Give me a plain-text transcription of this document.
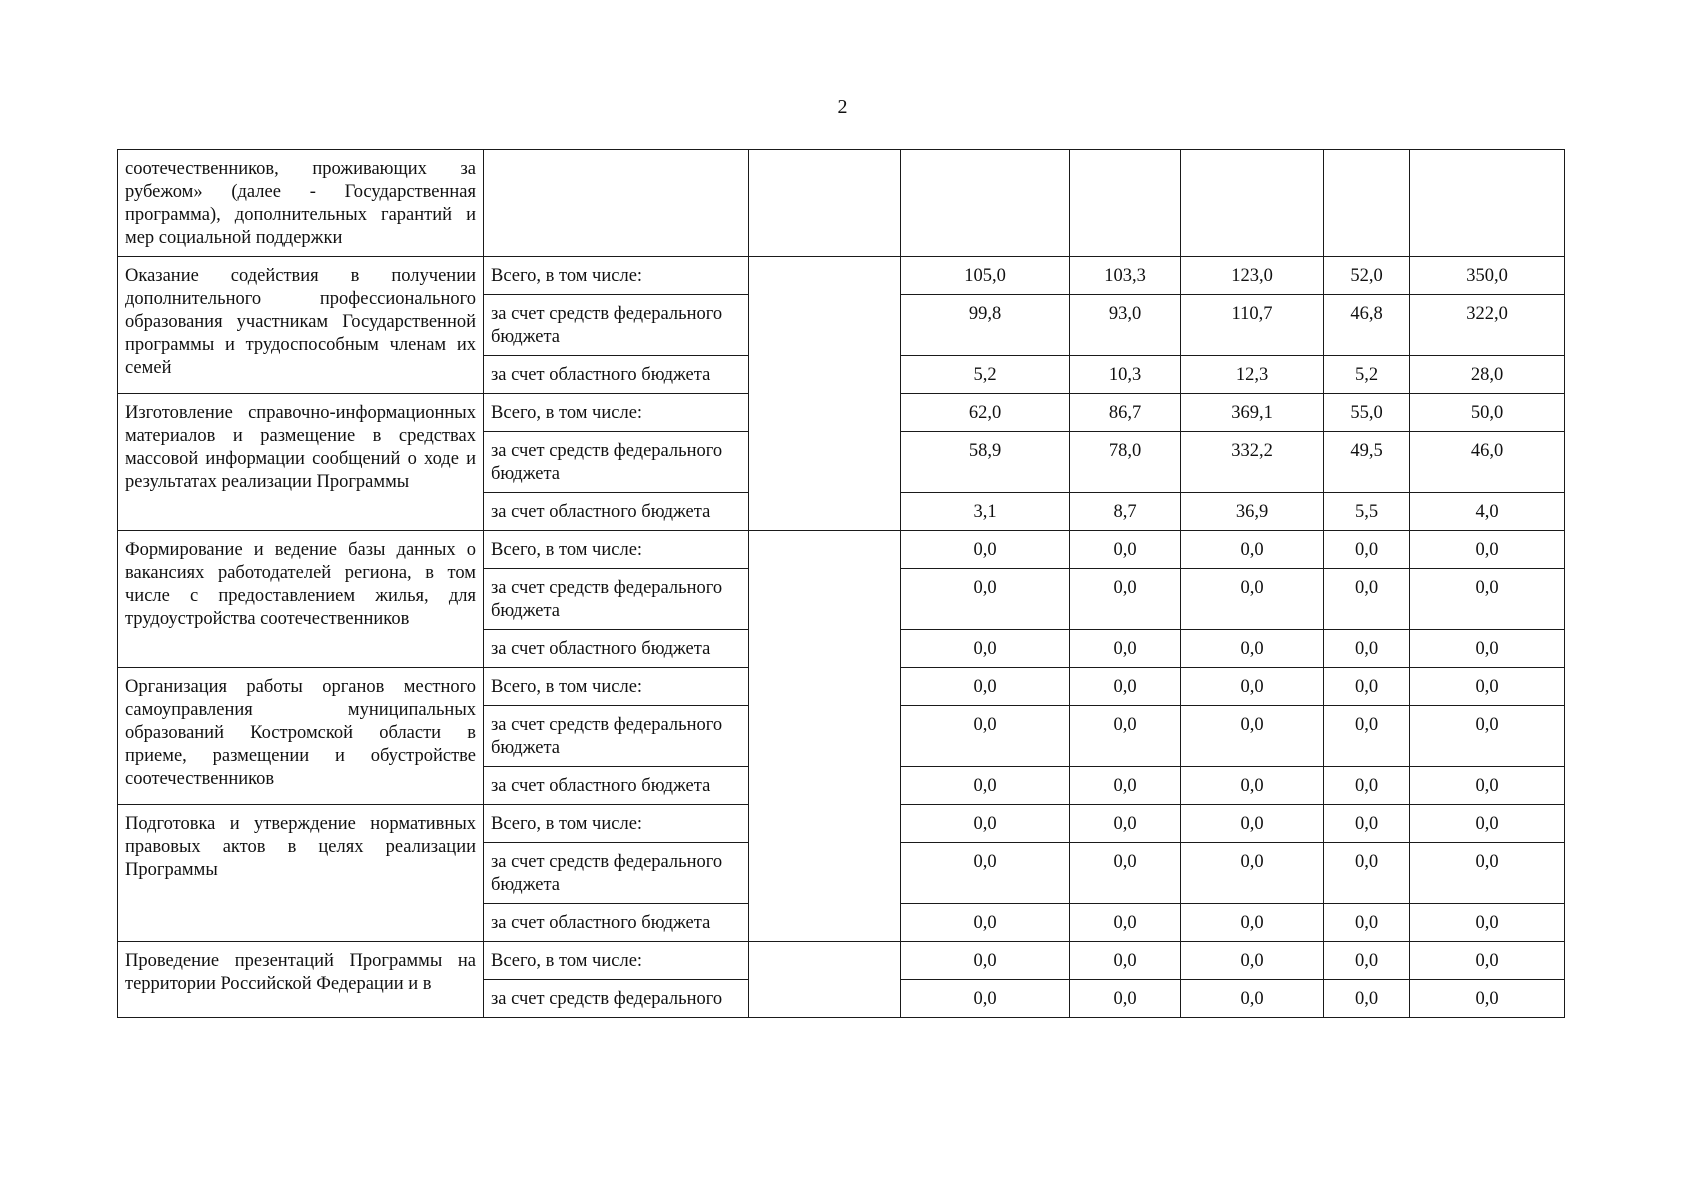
2
соотечественников, проживающих за рубежом» (далее - Государственная программа), дополнительных гарантий и мер социальной поддержки							
Оказание содействия в получении дополнительного профессионального образования участникам Государственной программы и трудоспособным членам их семей	Всего, в том числе:		105,0	103,3	123,0	52,0	350,0
	за счет средств федерального бюджета		99,8	93,0	110,7	46,8	322,0
	за счет областного бюджета		5,2	10,3	12,3	5,2	28,0
Изготовление справочно-информационных материалов и размещение в средствах массовой информации сообщений о ходе и результатах реализации Программы	Всего, в том числе:		62,0	86,7	369,1	55,0	50,0
	за счет средств федерального бюджета		58,9	78,0	332,2	49,5	46,0
	за счет областного бюджета		3,1	8,7	36,9	5,5	4,0
Формирование и ведение базы данных о вакансиях работодателей региона, в том числе с предоставлением жилья, для трудоустройства соотечественников	Всего, в том числе:		0,0	0,0	0,0	0,0	0,0
	за счет средств федерального бюджета		0,0	0,0	0,0	0,0	0,0
	за счет областного бюджета		0,0	0,0	0,0	0,0	0,0
Организация работы органов местного самоуправления муниципальных образований Костромской области в приеме, размещении и обустройстве соотечественников	Всего, в том числе:		0,0	0,0	0,0	0,0	0,0
	за счет средств федерального бюджета		0,0	0,0	0,0	0,0	0,0
	за счет областного бюджета		0,0	0,0	0,0	0,0	0,0
Подготовка и утверждение нормативных правовых актов в целях реализации Программы	Всего, в том числе:		0,0	0,0	0,0	0,0	0,0
	за счет средств федерального бюджета		0,0	0,0	0,0	0,0	0,0
	за счет областного бюджета		0,0	0,0	0,0	0,0	0,0
Проведение презентаций Программы на территории Российской Федерации и в	Всего, в том числе:		0,0	0,0	0,0	0,0	0,0
	за счет средств федерального		0,0	0,0	0,0	0,0	0,0
